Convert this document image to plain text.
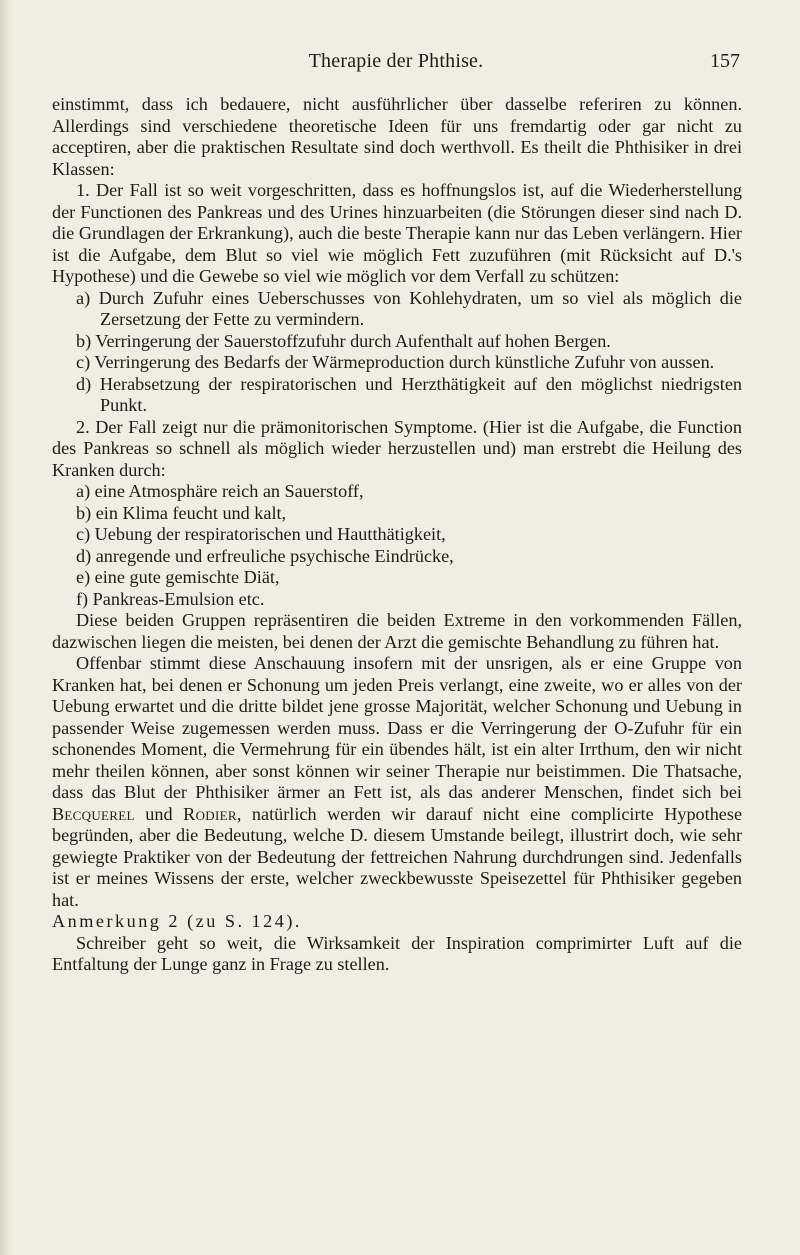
Therapie der Phthise.	157

einstimmt, dass ich bedauere, nicht ausführlicher über dasselbe referiren zu können. Allerdings sind verschiedene theoretische Ideen für uns fremdartig oder gar nicht zu acceptiren, aber die praktischen Resultate sind doch werthvoll. Es theilt die Phthisiker in drei Klassen:

1. Der Fall ist so weit vorgeschritten, dass es hoffnungslos ist, auf die Wiederherstellung der Functionen des Pankreas und des Urines hinzuarbeiten (die Störungen dieser sind nach D. die Grundlagen der Erkrankung), auch die beste Therapie kann nur das Leben verlängern. Hier ist die Aufgabe, dem Blut so viel wie möglich Fett zuzuführen (mit Rücksicht auf D.'s Hypothese) und die Gewebe so viel wie möglich vor dem Verfall zu schützen:

a) Durch Zufuhr eines Ueberschusses von Kohlehydraten, um so viel als möglich die Zersetzung der Fette zu vermindern.

b) Verringerung der Sauerstoffzufuhr durch Aufenthalt auf hohen Bergen.

c) Verringerung des Bedarfs der Wärmeproduction durch künstliche Zufuhr von aussen.

d) Herabsetzung der respiratorischen und Herzthätigkeit auf den möglichst niedrigsten Punkt.

2. Der Fall zeigt nur die prämonitorischen Symptome. (Hier ist die Aufgabe, die Function des Pankreas so schnell als möglich wieder herzustellen und) man erstrebt die Heilung des Kranken durch:

a) eine Atmosphäre reich an Sauerstoff,

b) ein Klima feucht und kalt,

c) Uebung der respiratorischen und Hautthätigkeit,

d) anregende und erfreuliche psychische Eindrücke,

e) eine gute gemischte Diät,

f) Pankreas-Emulsion etc.

Diese beiden Gruppen repräsentiren die beiden Extreme in den vorkommenden Fällen, dazwischen liegen die meisten, bei denen der Arzt die gemischte Behandlung zu führen hat.

Offenbar stimmt diese Anschauung insofern mit der unsrigen, als er eine Gruppe von Kranken hat, bei denen er Schonung um jeden Preis verlangt, eine zweite, wo er alles von der Uebung erwartet und die dritte bildet jene grosse Majorität, welcher Schonung und Uebung in passender Weise zugemessen werden muss. Dass er die Verringerung der O-Zufuhr für ein schonendes Moment, die Vermehrung für ein übendes hält, ist ein alter Irrthum, den wir nicht mehr theilen können, aber sonst können wir seiner Therapie nur beistimmen. Die Thatsache, dass das Blut der Phthisiker ärmer an Fett ist, als das anderer Menschen, findet sich bei Becquerel und Rodier, natürlich werden wir darauf nicht eine complicirte Hypothese begründen, aber die Bedeutung, welche D. diesem Umstande beilegt, illustrirt doch, wie sehr gewiegte Praktiker von der Bedeutung der fettreichen Nahrung durchdrungen sind. Jedenfalls ist er meines Wissens der erste, welcher zweckbewusste Speisezettel für Phthisiker gegeben hat.

Anmerkung 2 (zu S. 124).

Schreiber geht so weit, die Wirksamkeit der Inspiration comprimirter Luft auf die Entfaltung der Lunge ganz in Frage zu stellen.
